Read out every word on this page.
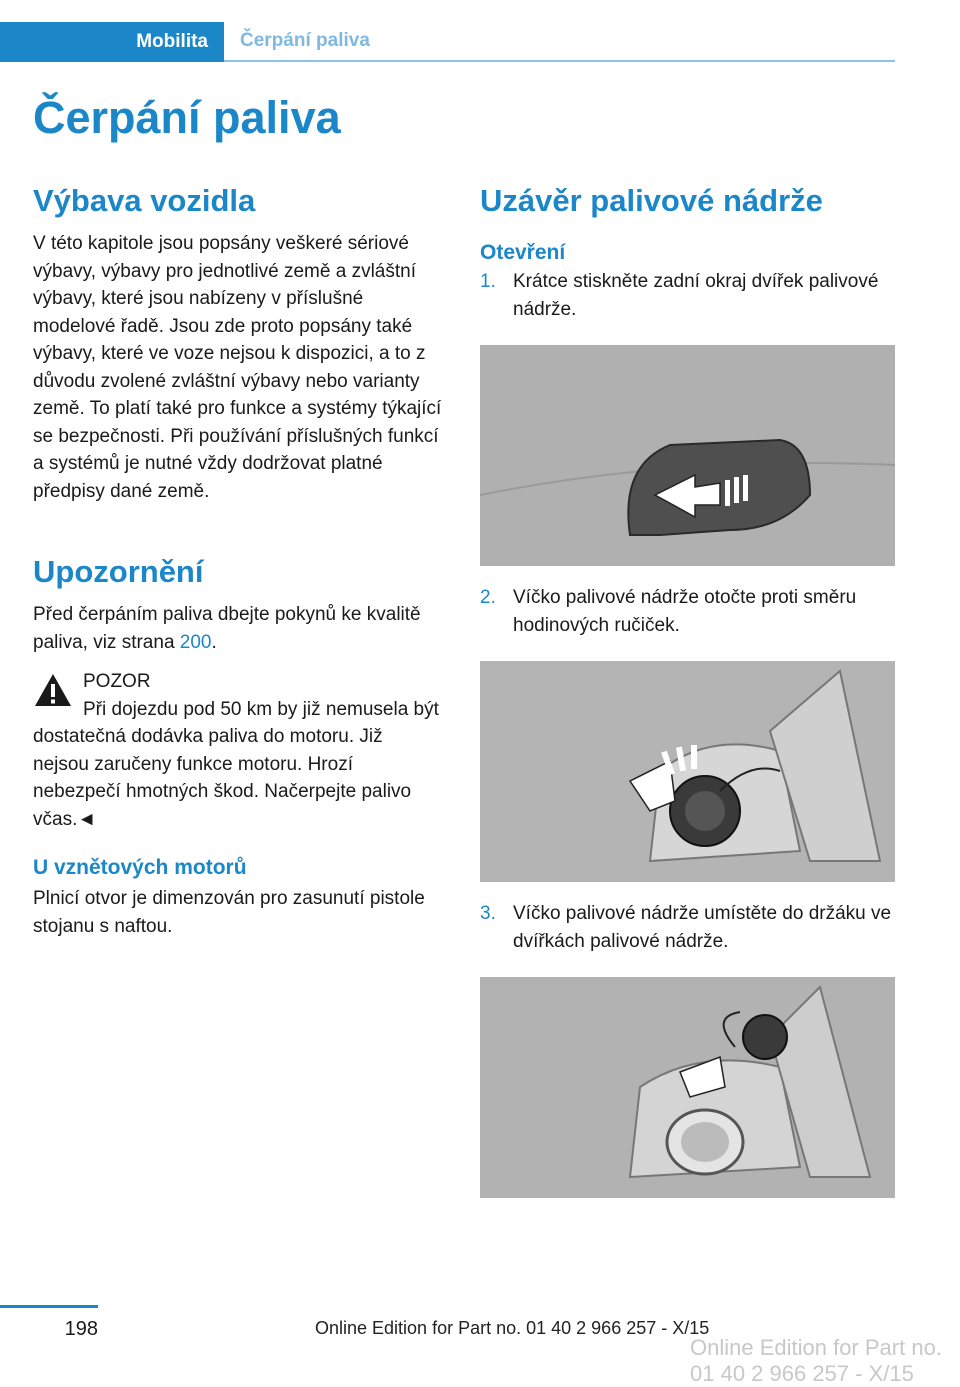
Mobilita	Čerpání paliva
Čerpání paliva
Výbava vozidla

V této kapitole jsou popsány veškeré sériové výbavy, výbavy pro jednotlivé země a zvláštní výbavy, které jsou nabízeny v příslušné modelové řadě. Jsou zde proto popsány také výbavy, které ve voze nejsou k dispozici, a to z důvodu zvolené zvláštní výbavy nebo varianty země. To platí také pro funkce a systémy týkající se bezpečnosti. Při používání příslušných funkcí a systémů je nutné vždy dodržovat platné předpisy dané země.

Upozornění

Před čerpáním paliva dbejte pokynů ke kvalitě paliva, viz strana 200.

POZOR

Při dojezdu pod 50 km by již nemusela být dostatečná dodávka paliva do motoru. Již nejsou zaručeny funkce motoru. Hrozí nebezpečí hmotných škod. Načerpejte palivo včas.◄

U vznětových motorů

Plnicí otvor je dimenzován pro zasunutí pistole stojanu s naftou.

Uzávěr palivové nádrže
Otevření
1. Krátce stiskněte zadní okraj dvířek palivové nádrže.
2. Víčko palivové nádrže otočte proti směru hodinových ručiček.
3. Víčko palivové nádrže umístěte do držáku ve dvířkách palivové nádrže.
198	Online Edition for Part no. 01 40 2 966 257 - X/15
Online Edition for Part no. 01 40 2 966 257 - X/15
